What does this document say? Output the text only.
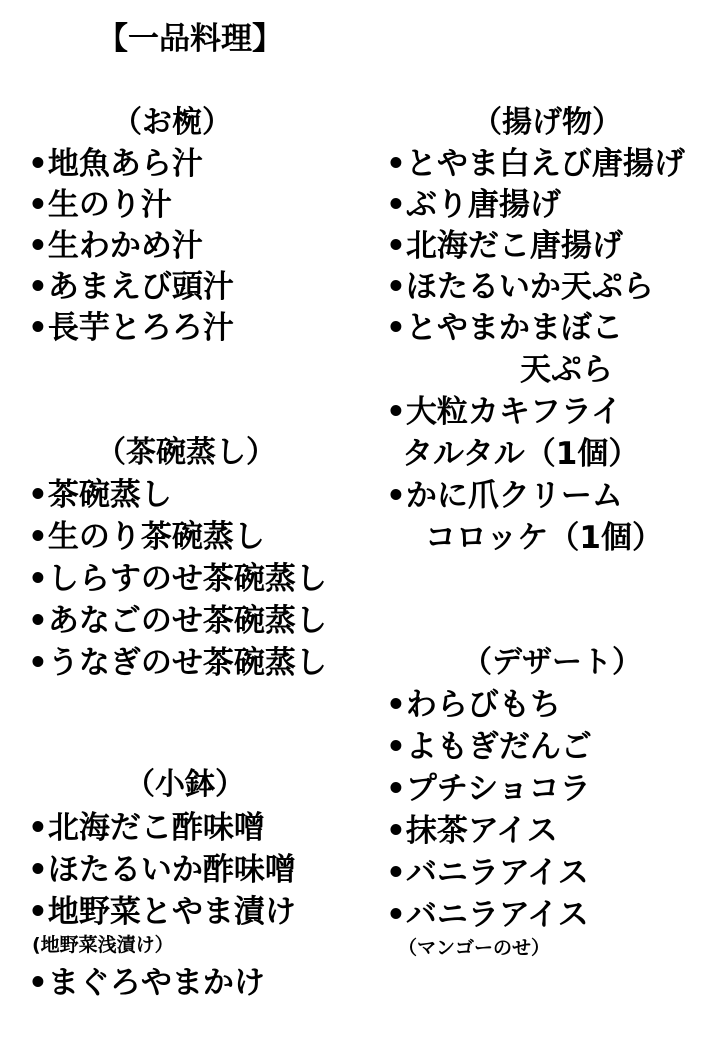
【一品料理】
（お椀）
•地魚あら汁
•生のり汁
•生わかめ汁
•あまえび頭汁
•長芋とろろ汁
（茶碗蒸し）
•茶碗蒸し
•生のり茶碗蒸し
•しらすのせ茶碗蒸し
•あなごのせ茶碗蒸し
•うなぎのせ茶碗蒸し
（小鉢）
•北海だこ酢味噌
•ほたるいか酢味噌
•地野菜とやま漬け
(地野菜浅漬け）
•まぐろやまかけ
（揚げ物）
•とやま白えび唐揚げ
•ぶり唐揚げ
•北海だこ唐揚げ
•ほたるいか天ぷら
•とやまかまぼこ
天ぷら
•大粒カキフライ
タルタル（1個）
•かに爪クリーム
コロッケ（1個）
（デザート）
•わらびもち
•よもぎだんご
•プチショコラ
•抹茶アイス
•バニラアイス
•バニラアイス
（マンゴーのせ）
